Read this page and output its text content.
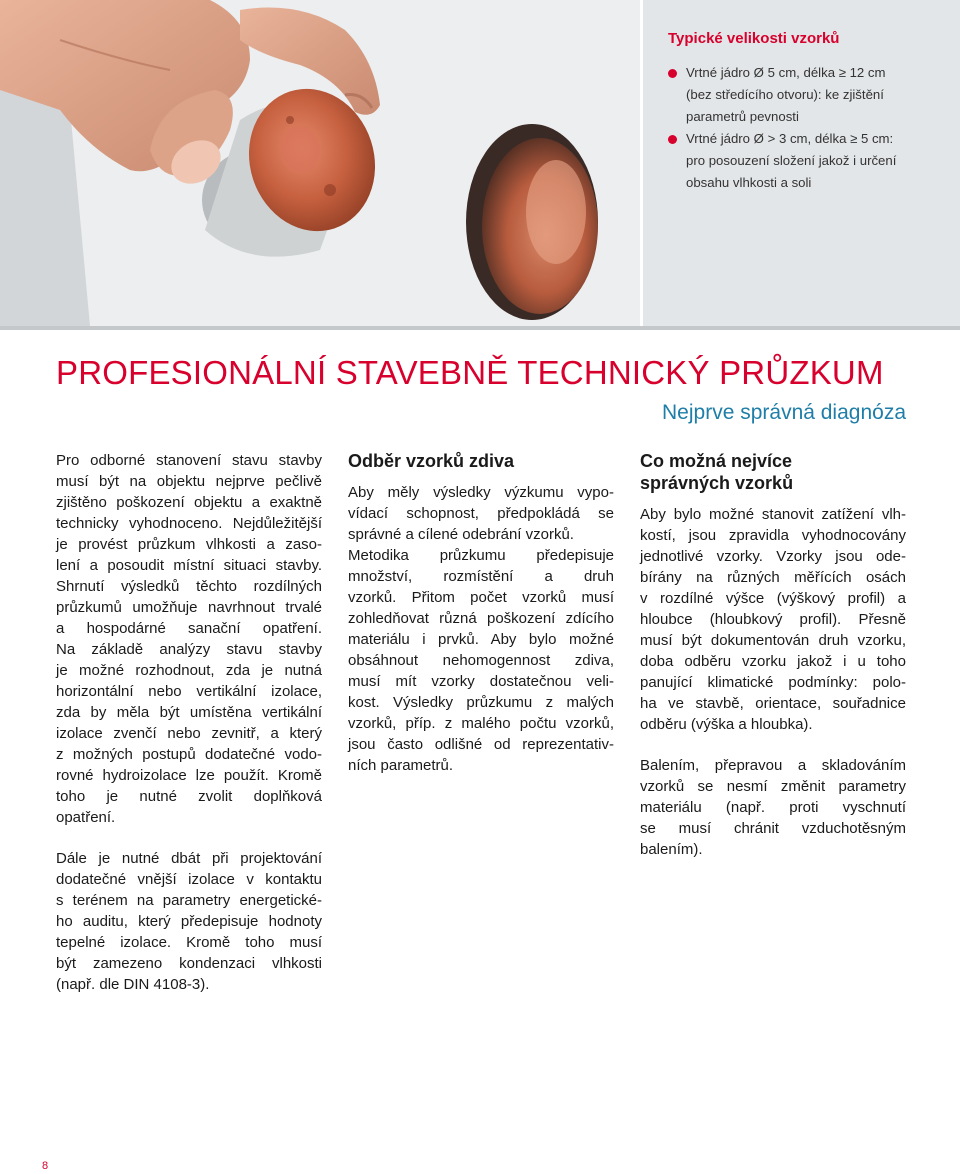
Typické velikosti vzorků
Vrtné jádro Ø 5 cm, délka ≥ 12 cm
(bez středícího otvoru): ke zjištění
parametrů pevnosti
Vrtné jádro Ø > 3 cm, délka ≥ 5 cm:
pro posouzení složení jakož i určení
obsahu vlhkosti a soli
PROFESIONÁLNÍ STAVEBNĚ TECHNICKÝ PRŮZKUM
Nejprve správná diagnóza

Pro odborné stanovení stavu stavby
musí být na objektu nejprve pečlivě
zjištěno poškození objektu a exaktně
technicky vyhodnoceno. Nejdůležitější
je provést průzkum vlhkosti a zaso-
lení a posoudit místní situaci stavby.
Shrnutí výsledků těchto rozdílných
průzkumů umožňuje navrhnout trvalé
a hospodárné sanační opatření.
Na základě analýzy stavu stavby
je možné rozhodnout, zda je nutná
horizontální nebo vertikální izolace,
zda by měla být umístěna vertikální
izolace zvenčí nebo zevnitř, a který
z možných postupů dodatečné vodo-
rovné hydroizolace lze použít. Kromě
toho je nutné zvolit doplňková
opatření.

Dále je nutné dbát při projektování
dodatečné vnější izolace v kontaktu
s terénem na parametry energetické-
ho auditu, který předepisuje hodnoty
tepelné izolace. Kromě toho musí
být zamezeno kondenzaci vlhkosti
(např. dle DIN 4108-3).

Odběr vzorků zdiva

Aby měly výsledky výzkumu vypo-
vídací schopnost, předpokládá se
správné a cílené odebrání vzorků.
Metodika průzkumu předepisuje
množství, rozmístění a druh
vzorků. Přitom počet vzorků musí
zohledňovat různá poškození zdícího
materiálu i prvků. Aby bylo možné
obsáhnout nehomogennost zdiva,
musí mít vzorky dostatečnou veli-
kost. Výsledky průzkumu z malých
vzorků, příp. z malého počtu vzorků,
jsou často odlišné od reprezentativ-
ních parametrů.

Co možná nejvíce
správných vzorků

Aby bylo možné stanovit zatížení vlh-
kostí, jsou zpravidla vyhodnocovány
jednotlivé vzorky. Vzorky jsou ode-
bírány na různých měřících osách
v rozdílné výšce (výškový profil) a
hloubce (hloubkový profil). Přesně
musí být dokumentován druh vzorku,
doba odběru vzorku jakož i u toho
panující klimatické podmínky: polo-
ha ve stavbě, orientace, souřadnice
odběru (výška a hloubka).

Balením, přepravou a skladováním
vzorků se nesmí změnit parametry
materiálu (např. proti vyschnutí
se musí chránit vzduchotěsným
balením).

8
